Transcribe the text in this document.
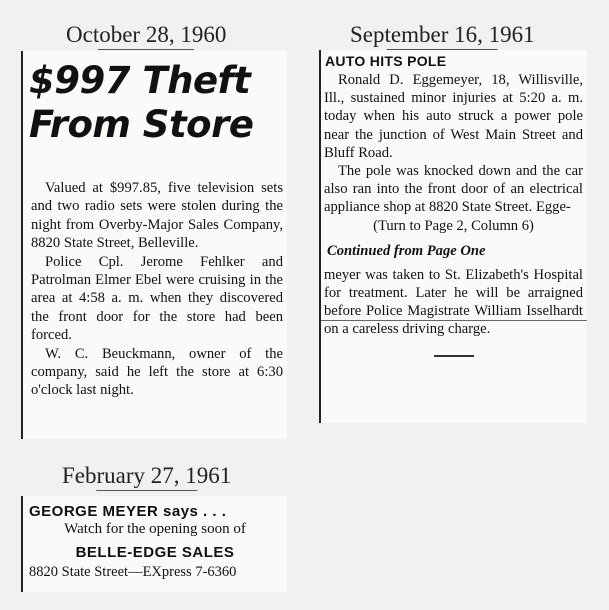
October 28, 1960	September 16, 1961
February 27, 1961
$997 Theft
From Store

Valued at $997.85, five television sets and two radio sets were stolen during the night from Overby-Major Sales Company, 8820 State Street, Belleville.

Police Cpl. Jerome Fehlker and Patrolman Elmer Ebel were cruising in the area at 4:58 a. m. when they discovered the front door for the store had been forced.

W. C. Beuckmann, owner of the company, said he left the store at 6:30 o'clock last night.

AUTO HITS POLE

Ronald D. Eggemeyer, 18, Willisville, Ill., sustained minor injuries at 5:20 a. m. today when his auto struck a power pole near the junction of West Main Street and Bluff Road.

The pole was knocked down and the car also ran into the front door of an electrical appliance shop at 8820 State Street. Egge-

(Turn to Page 2, Column 6)

Continued from Page One

meyer was taken to St. Elizabeth's Hospital for treatment. Later he will be arraigned before Police Magistrate William Isselhardt on a careless driving charge.

GEORGE MEYER says . . .
Watch for the opening soon of
BELLE-EDGE SALES
8820 State Street—EXpress 7-6360
